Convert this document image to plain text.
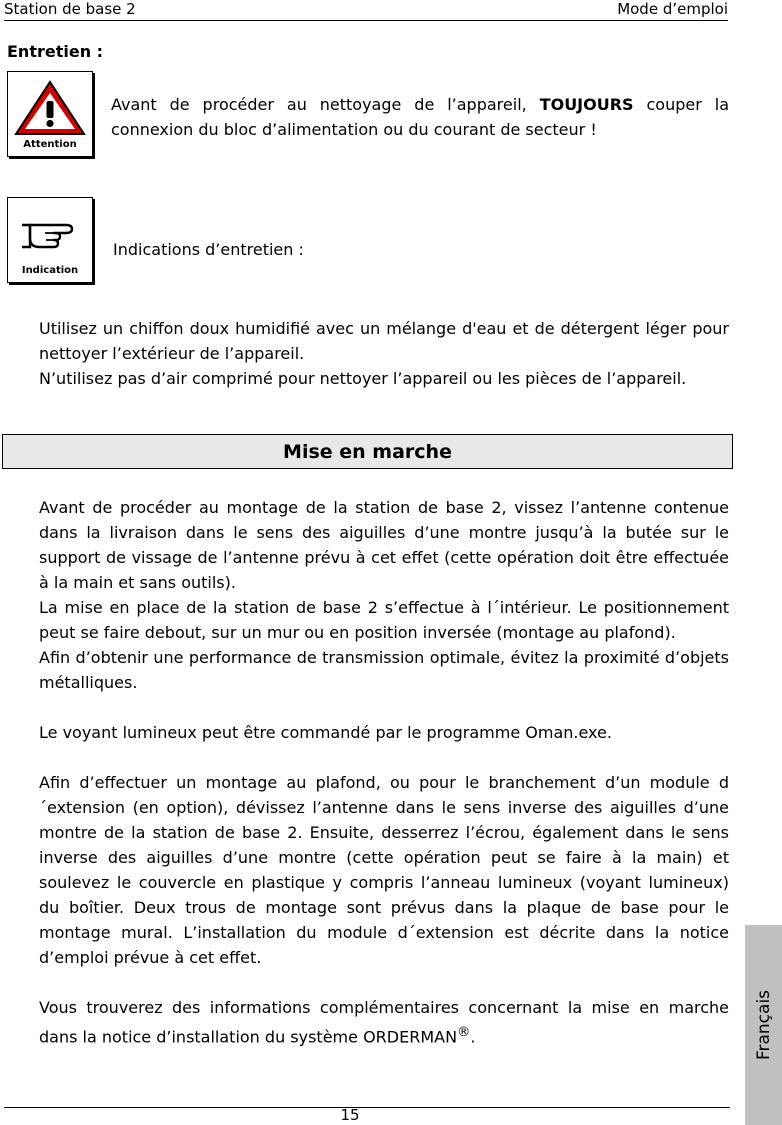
Station de base 2	Mode d’emploi
Entretien :
Attention
Avant de procéder au nettoyage de l’appareil, TOUJOURS couper la connexion du bloc d’alimentation ou du courant de secteur !
Indication
Indications d’entretien :

Utilisez un chiffon doux humidifié avec un mélange d'eau et de détergent léger pour nettoyer l’extérieur de l’appareil.

N’utilisez pas d’air comprimé pour nettoyer l’appareil ou les pièces de l’appareil.

Mise en marche

Avant de procéder au montage de la station de base 2, vissez l’antenne contenue dans la livraison dans le sens des aiguilles d’une montre jusqu’à la butée sur le support de vissage de l’antenne prévu à cet effet (cette opération doit être effectuée à la main et sans outils).

La mise en place de la station de base 2 s’effectue à l´intérieur. Le positionnement peut se faire debout, sur un mur ou en position inversée (montage au plafond).

Afin d’obtenir une performance de transmission optimale, évitez la proximité d’objets métalliques.

Le voyant lumineux peut être commandé par le programme Oman.exe.

Afin d’effectuer un montage au plafond, ou pour le branchement d’un module d´extension (en option), dévissez l’antenne dans le sens inverse des aiguilles d’une montre de la station de base 2. Ensuite, desserrez l’écrou, également dans le sens inverse des aiguilles d’une montre (cette opération peut se faire à la main) et soulevez le couvercle en plastique y compris l’anneau lumineux (voyant lumineux) du boîtier. Deux trous de montage sont prévus dans la plaque de base pour le montage mural. L’installation du module d´extension est décrite dans la notice d’emploi prévue à cet effet.

Vous trouverez des informations complémentaires concernant la mise en marche dans la notice d’installation du système ORDERMAN®.	Français
15
